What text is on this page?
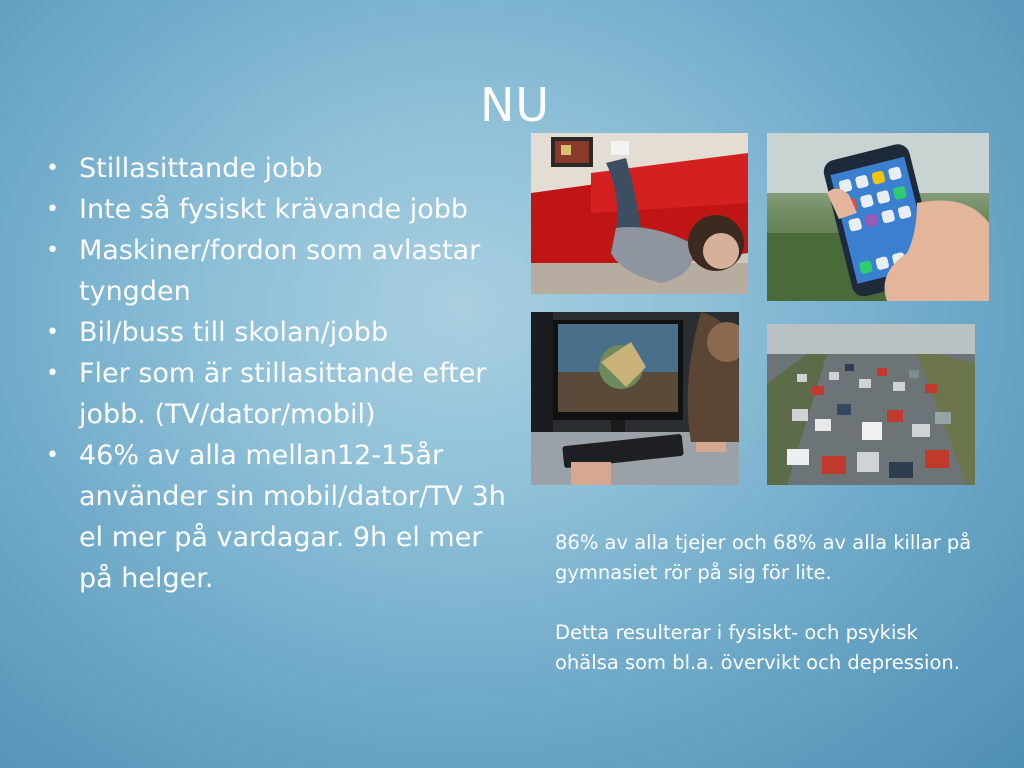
NU
• Stillasittande jobb
• Inte så fysiskt krävande jobb
• Maskiner/fordon som avlastar tyngden
• Bil/buss till skolan/jobb
• Fler som är stillasittande efter jobb. (TV/dator/mobil)
• 46% av alla mellan12-15år använder sin mobil/dator/TV 3h el mer på vardagar. 9h el mer på helger.

86% av alla tjejer och 68% av alla killar på gymnasiet rör på sig för lite.

Detta resulterar i fysiskt- och psykisk ohälsa som bl.a. övervikt och depression.
